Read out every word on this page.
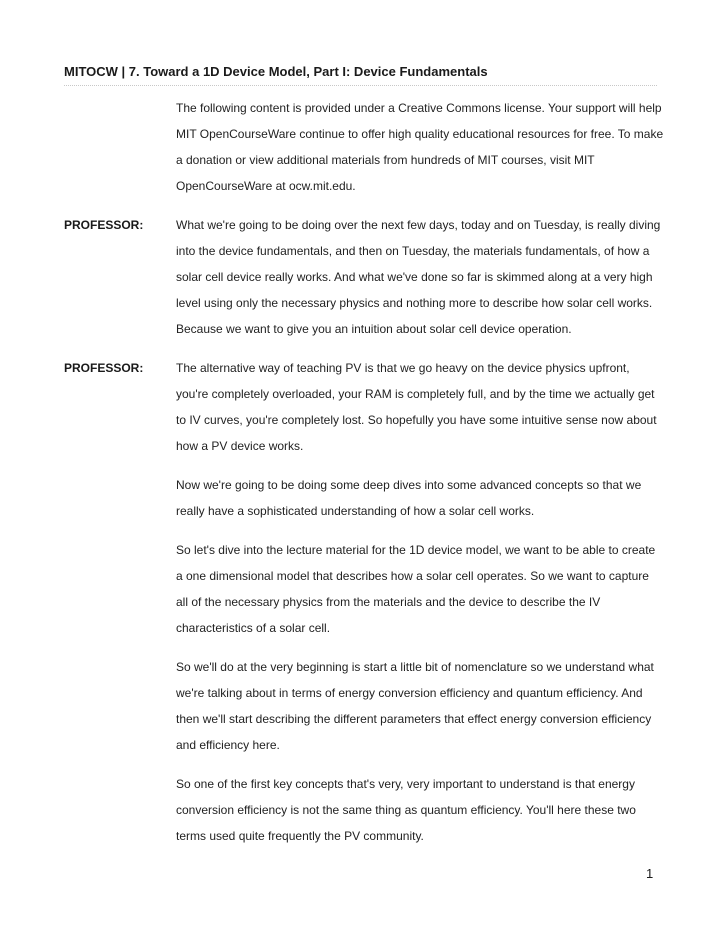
MITOCW | 7. Toward a 1D Device Model, Part I: Device Fundamentals

The following content is provided under a Creative Commons license. Your support will help MIT OpenCourseWare continue to offer high quality educational resources for free. To make a donation or view additional materials from hundreds of MIT courses, visit MIT OpenCourseWare at ocw.mit.edu.

PROFESSOR:	What we're going to be doing over the next few days, today and on Tuesday, is really diving into the device fundamentals, and then on Tuesday, the materials fundamentals, of how a solar cell device really works. And what we've done so far is skimmed along at a very high level using only the necessary physics and nothing more to describe how solar cell works. Because we want to give you an intuition about solar cell device operation.

PROFESSOR:	The alternative way of teaching PV is that we go heavy on the device physics upfront, you're completely overloaded, your RAM is completely full, and by the time we actually get to IV curves, you're completely lost. So hopefully you have some intuitive sense now about how a PV device works.

Now we're going to be doing some deep dives into some advanced concepts so that we really have a sophisticated understanding of how a solar cell works.

So let's dive into the lecture material for the 1D device model, we want to be able to create a one dimensional model that describes how a solar cell operates. So we want to capture all of the necessary physics from the materials and the device to describe the IV characteristics of a solar cell.

So we'll do at the very beginning is start a little bit of nomenclature so we understand what we're talking about in terms of energy conversion efficiency and quantum efficiency. And then we'll start describing the different parameters that effect energy conversion efficiency and efficiency here.

So one of the first key concepts that's very, very important to understand is that energy conversion efficiency is not the same thing as quantum efficiency. You'll here these two terms used quite frequently the PV community.

1
